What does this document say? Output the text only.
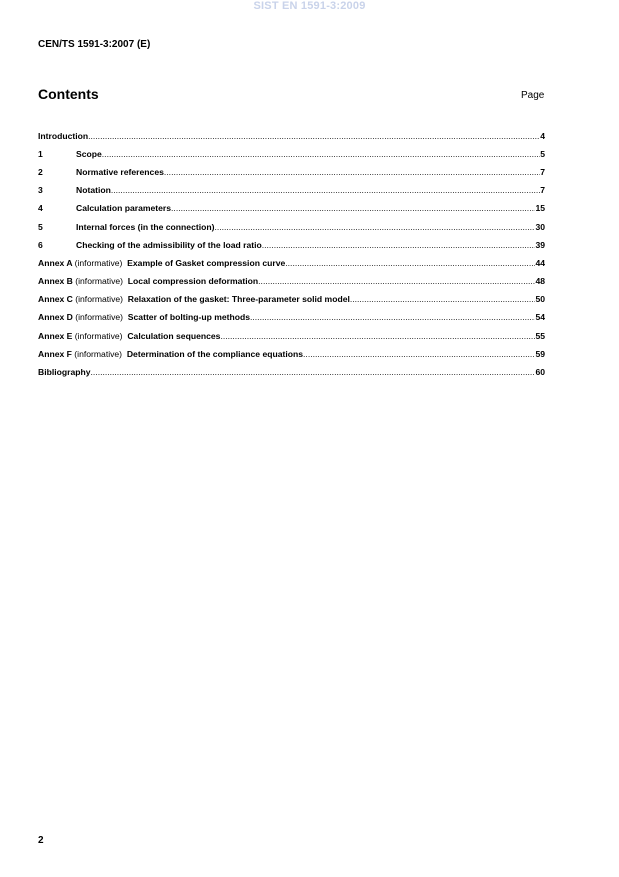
SIST EN 1591-3:2009
CEN/TS 1591-3:2007 (E)
Contents	Page
Introduction .....	4
1	Scope .....	5
2	Normative references .....	7
3	Notation .....	7
4	Calculation parameters .....	15
5	Internal forces (in the connection) .....	30
6	Checking of the admissibility of the load ratio .....	39
Annex A (informative) Example of Gasket compression curve .....	44
Annex B (informative) Local compression deformation .....	48
Annex C (informative) Relaxation of the gasket: Three-parameter solid model .....	50
Annex D (informative) Scatter of bolting-up methods .....	54
Annex E (informative) Calculation sequences .....	55
Annex F (informative) Determination of the compliance equations .....	59
Bibliography .....	60
2
